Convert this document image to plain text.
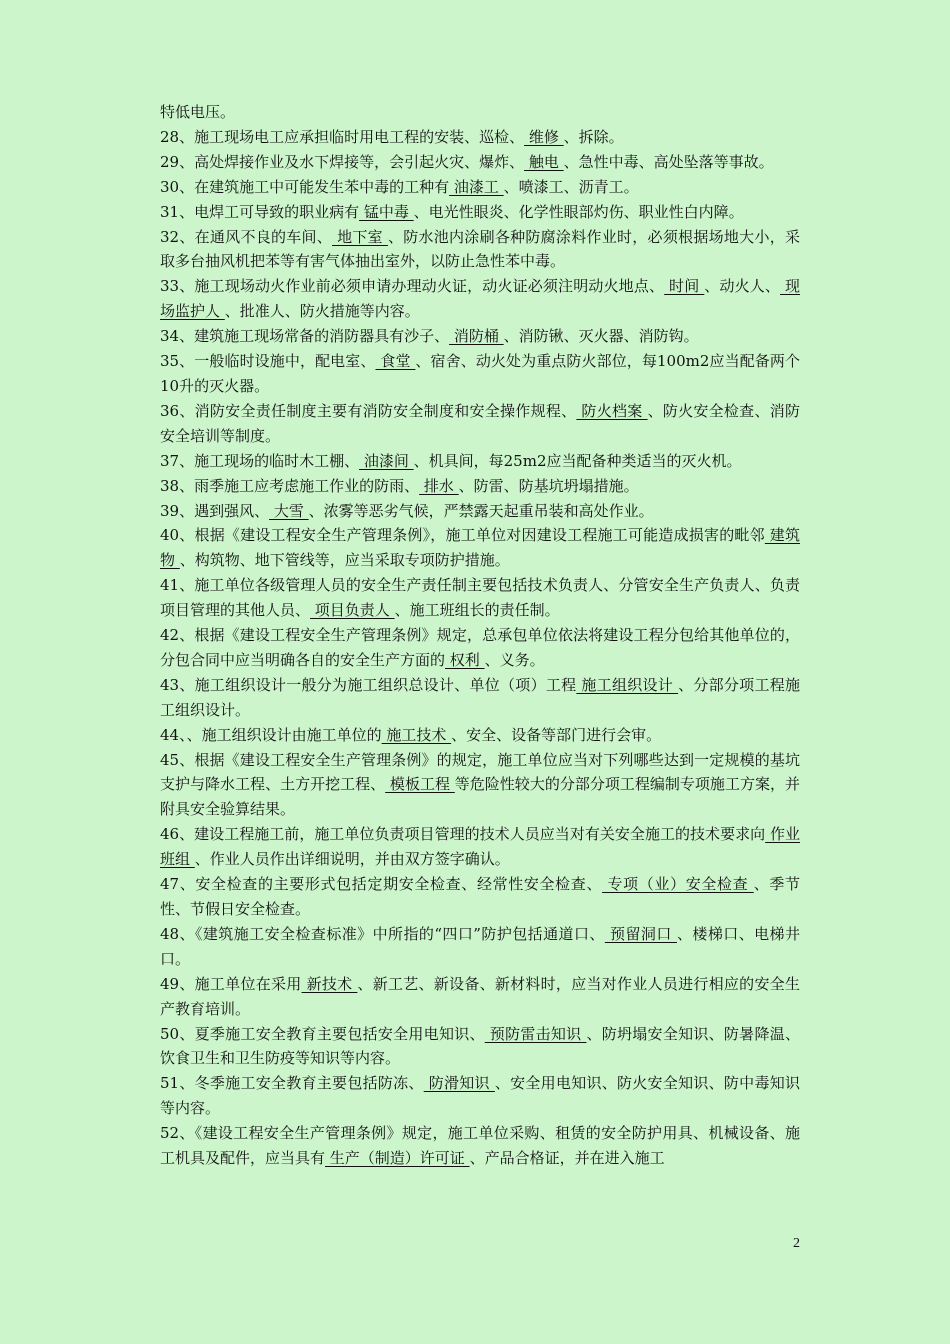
特低电压。
28、施工现场电工应承担临时用电工程的安装、巡检、 维修 、拆除。
29、高处焊接作业及水下焊接等，会引起火灾、爆炸、 触电 、急性中毒、高处坠落等事故。
30、在建筑施工中可能发生苯中毒的工种有 油漆工 、喷漆工、沥青工。
31、电焊工可导致的职业病有 锰中毒 、电光性眼炎、化学性眼部灼伤、职业性白内障。
32、在通风不良的车间、 地下室 、防水池内涂刷各种防腐涂料作业时，必须根据场地大小，采取多台抽风机把苯等有害气体抽出室外，以防止急性苯中毒。
33、施工现场动火作业前必须申请办理动火证，动火证必须注明动火地点、 时间 、动火人、 现场监护人 、批准人、防火措施等内容。
34、建筑施工现场常备的消防器具有沙子、 消防桶 、消防锹、灭火器、消防钩。
35、一般临时设施中，配电室、 食堂 、宿舍、动火处为重点防火部位，每100m2应当配备两个10升的灭火器。
36、消防安全责任制度主要有消防安全制度和安全操作规程、 防火档案 、防火安全检查、消防安全培训等制度。
37、施工现场的临时木工棚、 油漆间 、机具间，每25m2应当配备种类适当的灭火机。
38、雨季施工应考虑施工作业的防雨、 排水 、防雷、防基坑坍塌措施。
39、遇到强风、 大雪 、浓雾等恶劣气候，严禁露天起重吊装和高处作业。
40、根据《建设工程安全生产管理条例》，施工单位对因建设工程施工可能造成损害的毗邻 建筑物 、构筑物、地下管线等，应当采取专项防护措施。
41、施工单位各级管理人员的安全生产责任制主要包括技术负责人、分管安全生产负责人、负责项目管理的其他人员、 项目负责人 、施工班组长的责任制。
42、根据《建设工程安全生产管理条例》规定，总承包单位依法将建设工程分包给其他单位的，分包合同中应当明确各自的安全生产方面的 权利 、义务。
43、施工组织设计一般分为施工组织总设计、单位（项）工程 施工组织设计 、分部分项工程施工组织设计。
44、、施工组织设计由施工单位的 施工技术 、安全、设备等部门进行会审。
45、根据《建设工程安全生产管理条例》的规定，施工单位应当对下列哪些达到一定规模的基坑支护与降水工程、土方开挖工程、 模板工程 等危险性较大的分部分项工程编制专项施工方案，并附具安全验算结果。
46、建设工程施工前，施工单位负责项目管理的技术人员应当对有关安全施工的技术要求向 作业班组 、作业人员作出详细说明，并由双方签字确认。
47、安全检查的主要形式包括定期安全检查、经常性安全检查、 专项（业）安全检查 、季节性、节假日安全检查。
48、《建筑施工安全检查标准》中所指的“四口”防护包括通道口、 预留洞口 、楼梯口、电梯井口。
49、施工单位在采用 新技术 、新工艺、新设备、新材料时，应当对作业人员进行相应的安全生产教育培训。
50、夏季施工安全教育主要包括安全用电知识、 预防雷击知识 、防坍塌安全知识、防暑降温、饮食卫生和卫生防疫等知识等内容。
51、冬季施工安全教育主要包括防冻、 防滑知识 、安全用电知识、防火安全知识、防中毒知识等内容。
52、《建设工程安全生产管理条例》规定，施工单位采购、租赁的安全防护用具、机械设备、施工机具及配件，应当具有 生产（制造）许可证 、产品合格证，并在进入施工
2
